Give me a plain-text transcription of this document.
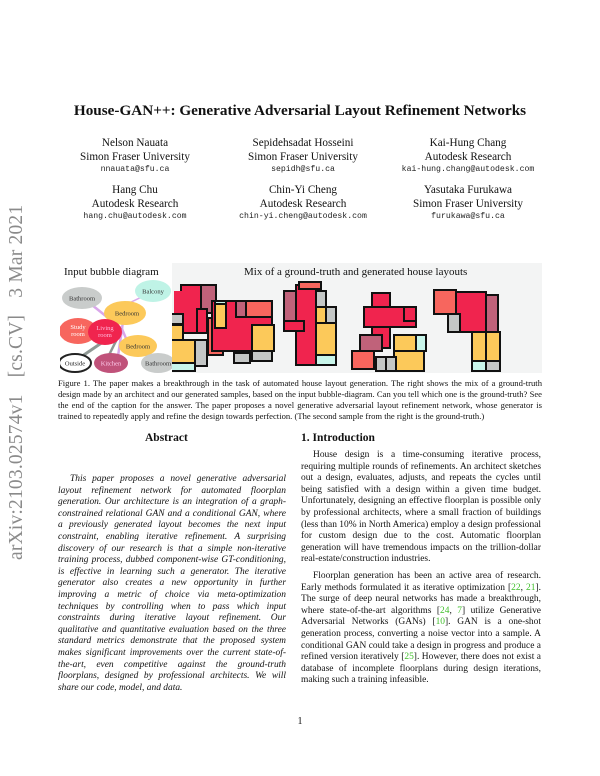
arXiv:2103.02574v1 [cs.CV] 3 Mar 2021
House-GAN++: Generative Adversarial Layout Refinement Networks
Nelson Nauata
Simon Fraser University
nnauata@sfu.ca
Sepidehsadat Hosseini
Simon Fraser University
sepidh@sfu.ca
Kai-Hung Chang
Autodesk Research
kai-hung.chang@autodesk.com
Hang Chu
Autodesk Research
hang.chu@autodesk.com
Chin-Yi Cheng
Autodesk Research
chin-yi.cheng@autodesk.com
Yasutaka Furukawa
Simon Fraser University
furukawa@sfu.ca
Input bubble diagram
Bathroom
Balcony
Bedroom
Study
room
Living
room
Bedroom
Outside Kitchen	Bathroom
Mix of a ground-truth and generated house layouts
Figure 1. The paper makes a breakthrough in the task of automated house layout generation. The right shows the mix of a ground-truth design made by an architect and our generated samples, based on the input bubble-diagram. Can you tell which one is the ground-truth? See the end of the caption for the answer. The paper proposes a novel generative adversarial layout refinement network, whose generator is trained to repeatedly apply and refine the design towards perfection. (The second sample from the right is the ground-truth.)
Abstract

This paper proposes a novel generative adversarial layout refinement network for automated floorplan generation. Our architecture is an integration of a graph-constrained relational GAN and a conditional GAN, where a previously generated layout becomes the next input constraint, enabling iterative refinement. A surprising discovery of our research is that a simple non-iterative training process, dubbed component-wise GT-conditioning, is effective in learning such a generator. The iterative generator also creates a new opportunity in further improving a metric of choice via meta-optimization techniques by controlling when to pass which input constraints during iterative layout refinement. Our qualitative and quantitative evaluation based on the three standard metrics demonstrate that the proposed system makes significant improvements over the current state-of-the-art, even competitive against the ground-truth floorplans, designed by professional architects. We will share our code, model, and data.

1. Introduction

House design is a time-consuming iterative process, requiring multiple rounds of refinements. An architect sketches out a design, evaluates, adjusts, and repeats the cycles until being satisfied with a design within a given time budget. Unfortunately, designing an effective floorplan is possible only by professional architects, where a small fraction of buildings (less than 10% in North America) employ a design professional for custom design due to the cost. Automatic floorplan generation will have tremendous impacts on the trillion-dollar real-estate/construction industries.

Floorplan generation has been an active area of research. Early methods formulated it as iterative optimization [22, 21]. The surge of deep neural networks has made a breakthrough, where state-of-the-art algorithms [24, 7] utilize Generative Adversarial Networks (GANs) [10]. GAN is a one-shot generation process, converting a noise vector into a sample. A conditional GAN could take a design in progress and produce a refined version iteratively [25]. However, there does not exist a database of incomplete floorplans during design iterations, making such a training infeasible.

1
